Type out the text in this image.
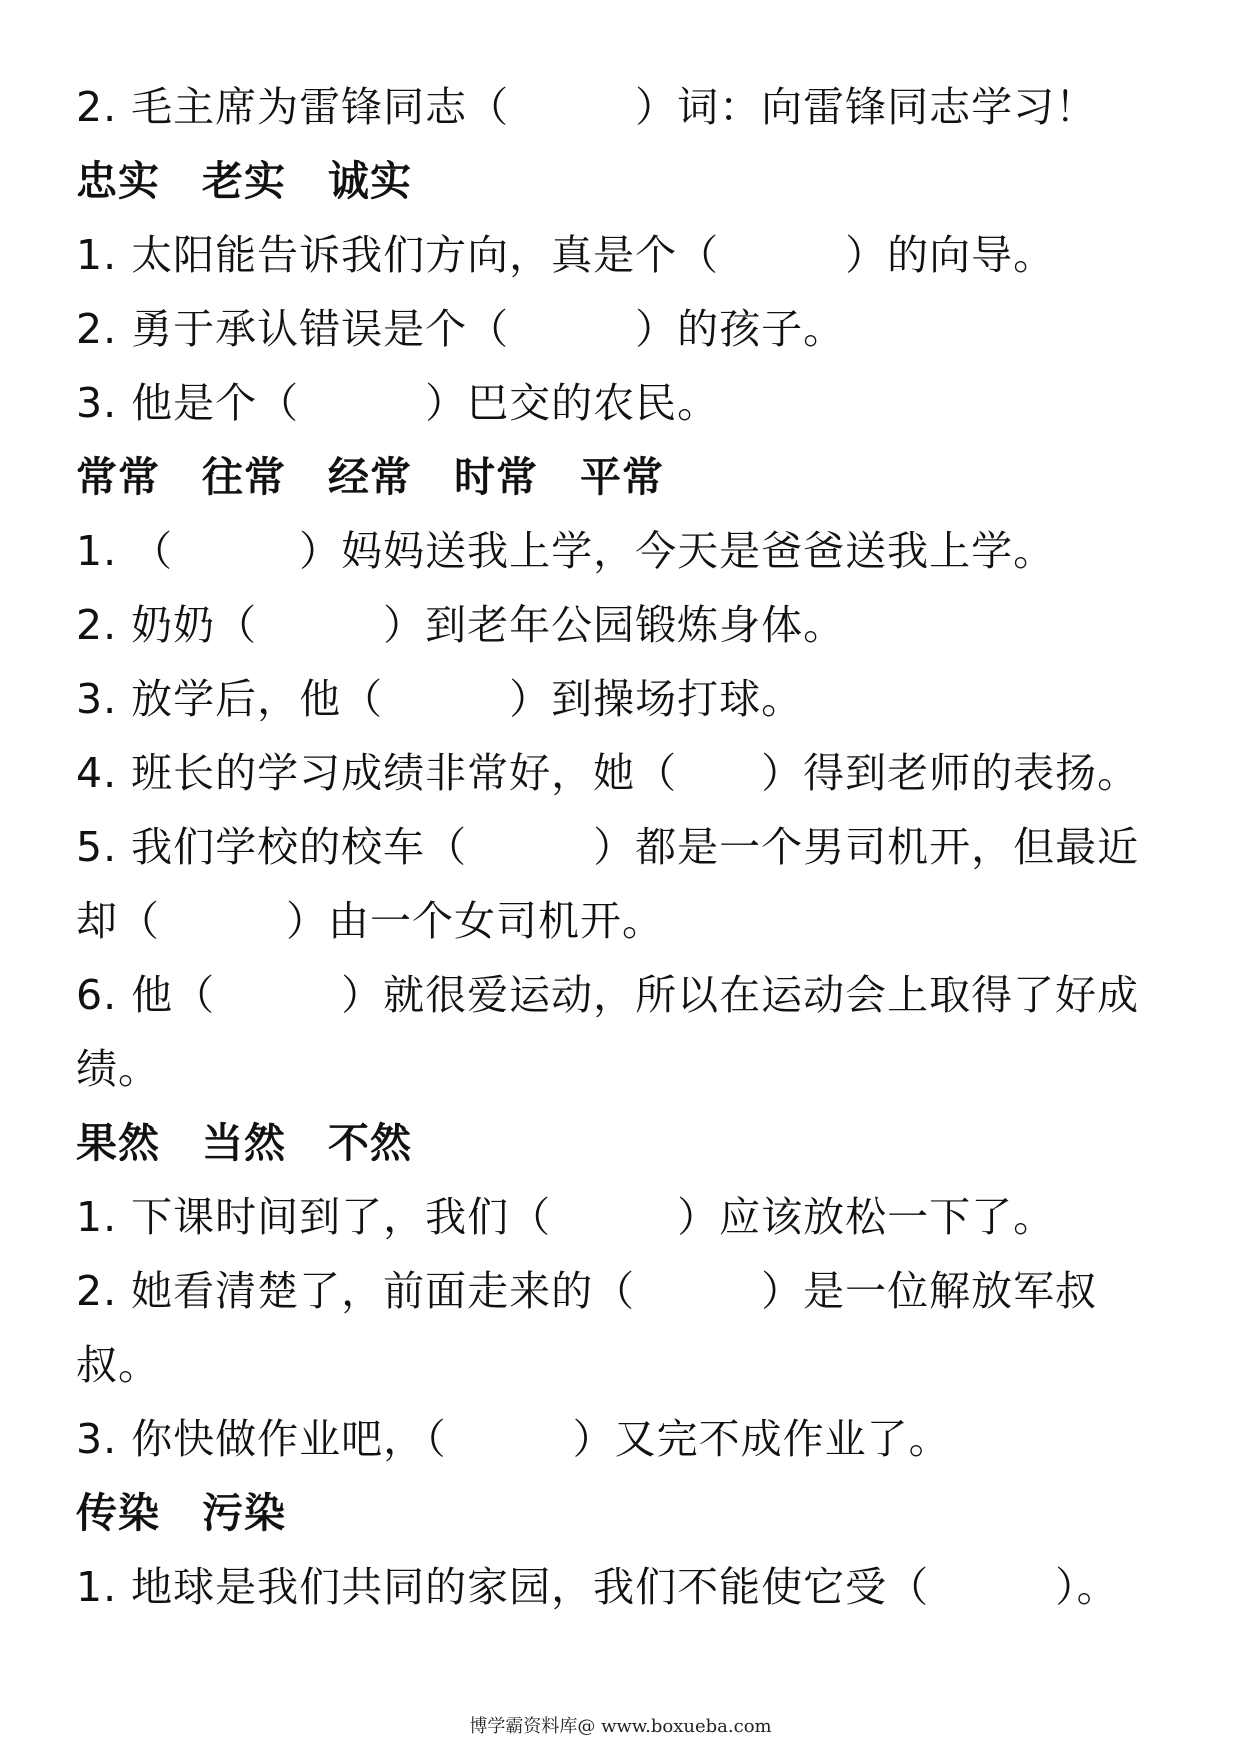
2. 毛主席为雷锋同志（　　　）词：向雷锋同志学习！
忠实　老实　诚实
1. 太阳能告诉我们方向，真是个（　　　）的向导。
2. 勇于承认错误是个（　　　）的孩子。
3. 他是个（　　　）巴交的农民。
常常　往常　经常　时常　平常
1. （　　　）妈妈送我上学，今天是爸爸送我上学。
2. 奶奶（　　　）到老年公园锻炼身体。
3. 放学后，他（　　　）到操场打球。
4. 班长的学习成绩非常好，她（　　）得到老师的表扬。
5. 我们学校的校车（　　　）都是一个男司机开，但最近却（　　　）由一个女司机开。
6. 他（　　　）就很爱运动，所以在运动会上取得了好成绩。
果然　当然　不然
1. 下课时间到了，我们（　　　）应该放松一下了。
2. 她看清楚了，前面走来的（　　　）是一位解放军叔叔。
3. 你快做作业吧，（　　　）又完不成作业了。
传染　污染
1. 地球是我们共同的家园，我们不能使它受（　　　）。
博学霸资料库@ www.boxueba.com
